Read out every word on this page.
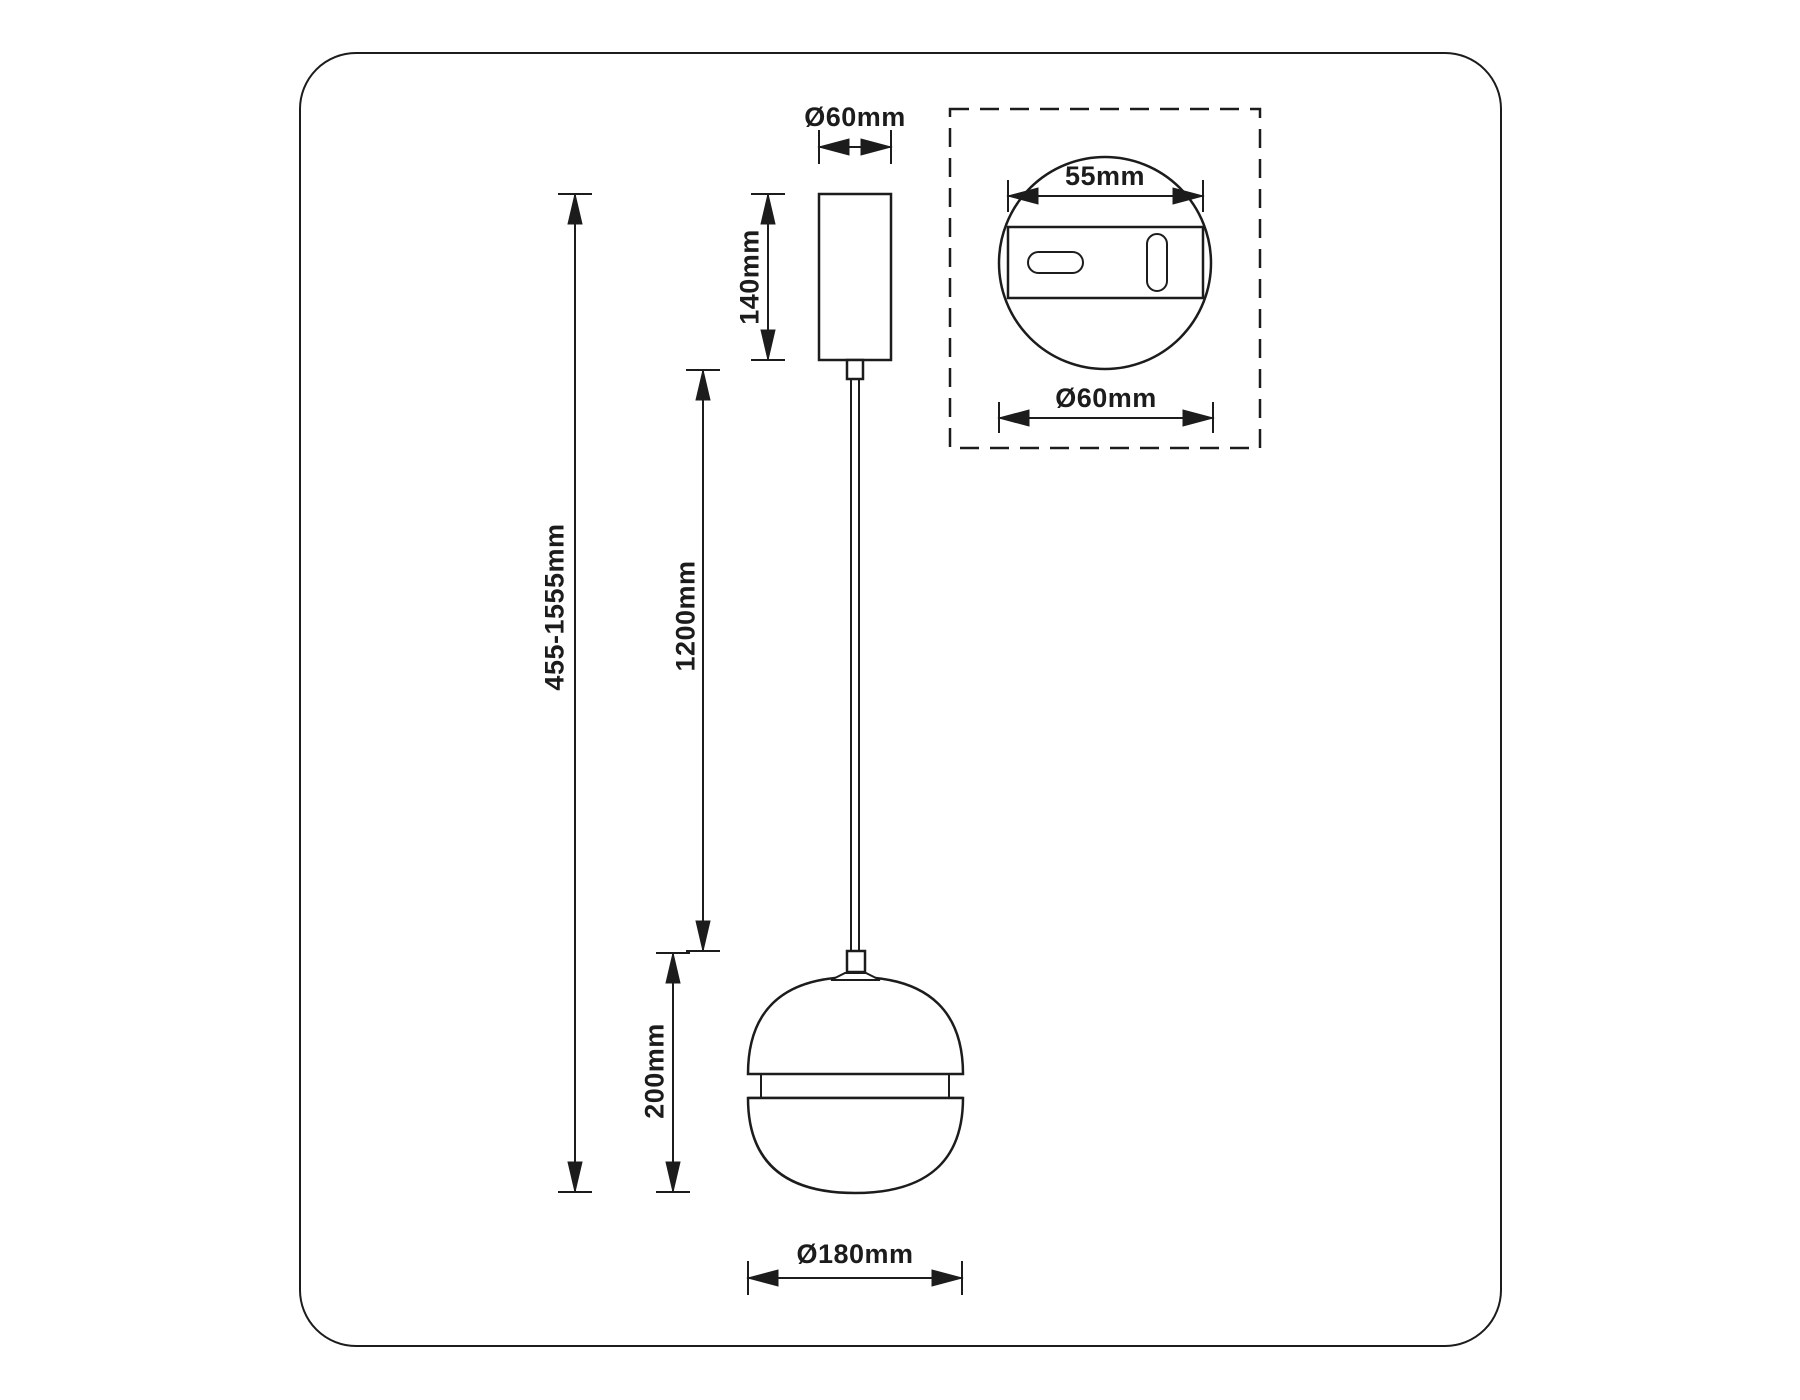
Ø60mm
140mm
1200mm
455-1555mm
200mm
Ø180mm
55mm
Ø60mm
